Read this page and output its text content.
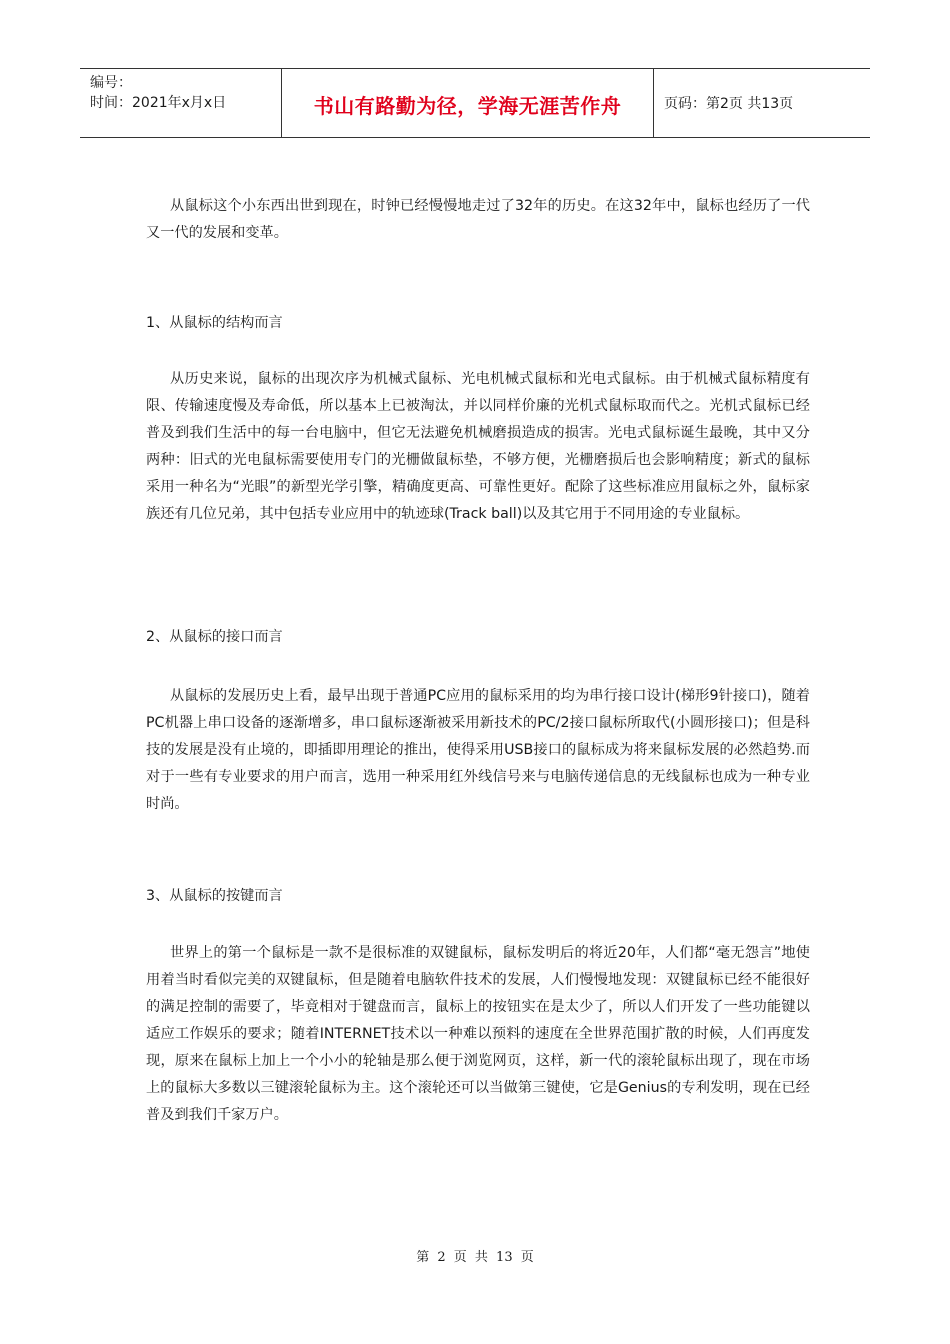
编号：
时间：2021年x月x日	书山有路勤为径，学海无涯苦作舟	页码：第2页 共13页

从鼠标这个小东西出世到现在，时钟已经慢慢地走过了32年的历史。在这32年中，鼠标也经历了一代又一代的发展和变革。

1、从鼠标的结构而言

从历史来说，鼠标的出现次序为机械式鼠标、光电机械式鼠标和光电式鼠标。由于机械式鼠标精度有限、传输速度慢及寿命低，所以基本上已被淘汰，并以同样价廉的光机式鼠标取而代之。光机式鼠标已经普及到我们生活中的每一台电脑中，但它无法避免机械磨损造成的损害。光电式鼠标诞生最晚，其中又分两种：旧式的光电鼠标需要使用专门的光栅做鼠标垫，不够方便，光栅磨损后也会影响精度；新式的鼠标采用一种名为“光眼”的新型光学引擎，精确度更高、可靠性更好。配除了这些标准应用鼠标之外，鼠标家族还有几位兄弟，其中包括专业应用中的轨迹球(Track ball)以及其它用于不同用途的专业鼠标。

2、从鼠标的接口而言

从鼠标的发展历史上看，最早出现于普通PC应用的鼠标采用的均为串行接口设计(梯形9针接口)，随着PC机器上串口设备的逐渐增多，串口鼠标逐渐被采用新技术的PC/2接口鼠标所取代(小圆形接口)；但是科技的发展是没有止境的，即插即用理论的推出，使得采用USB接口的鼠标成为将来鼠标发展的必然趋势.而对于一些有专业要求的用户而言，选用一种采用红外线信号来与电脑传递信息的无线鼠标也成为一种专业时尚。

3、从鼠标的按键而言

世界上的第一个鼠标是一款不是很标准的双键鼠标，鼠标发明后的将近20年，人们都“毫无怨言”地使用着当时看似完美的双键鼠标，但是随着电脑软件技术的发展，人们慢慢地发现：双键鼠标已经不能很好的满足控制的需要了，毕竟相对于键盘而言，鼠标上的按钮实在是太少了，所以人们开发了一些功能键以适应工作娱乐的要求；随着INTERNET技术以一种难以预料的速度在全世界范围扩散的时候，人们再度发现，原来在鼠标上加上一个小小的轮轴是那么便于浏览网页，这样，新一代的滚轮鼠标出现了，现在市场上的鼠标大多数以三键滚轮鼠标为主。这个滚轮还可以当做第三键使，它是Genius的专利发明，现在已经普及到我们千家万户。

第 2 页 共 13 页
